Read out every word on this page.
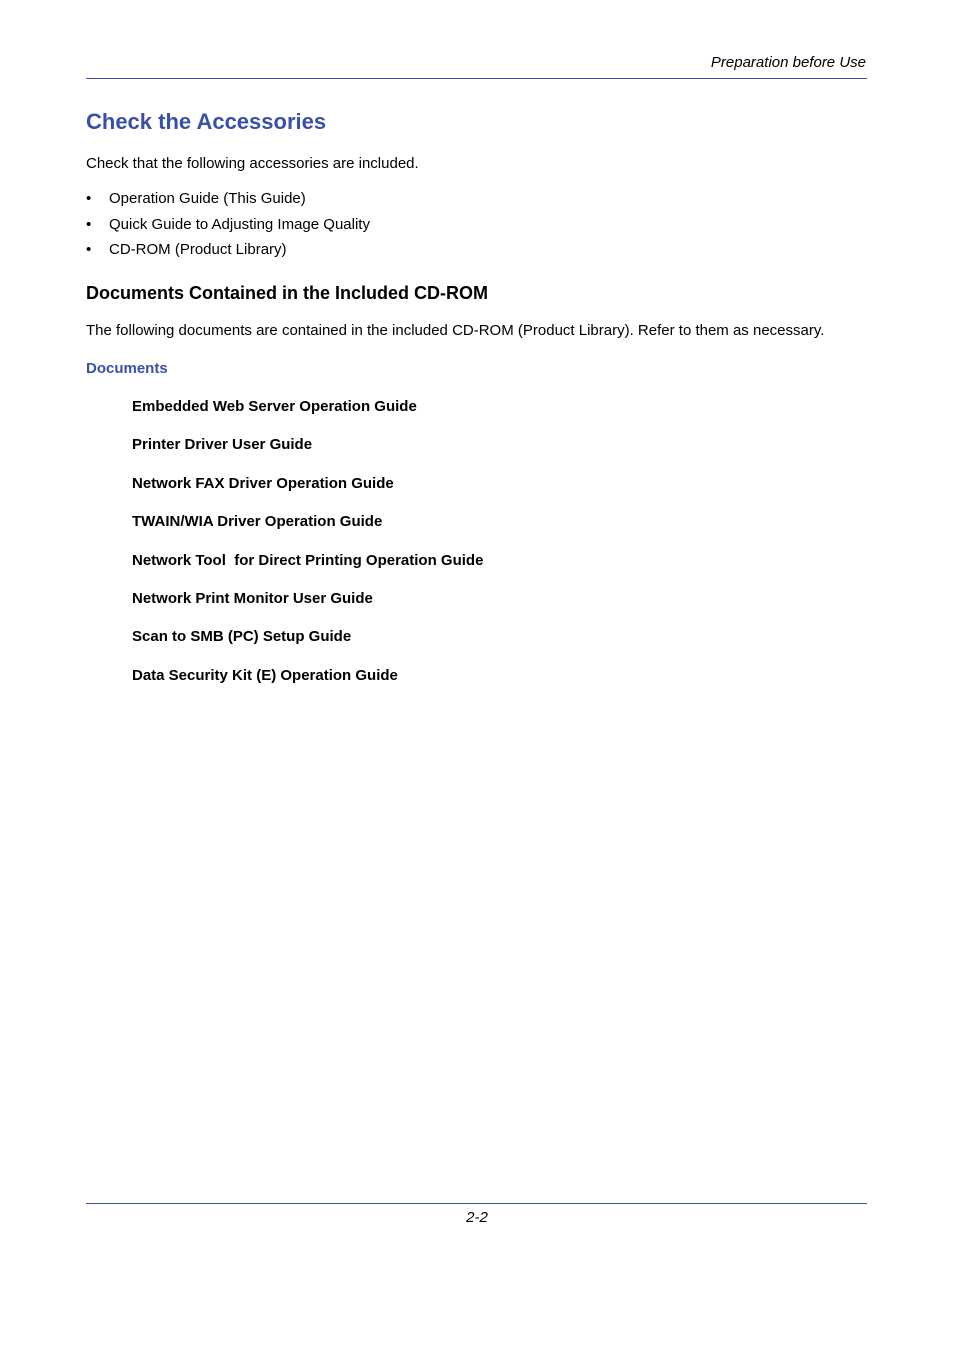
Preparation before Use
Check the Accessories

Check that the following accessories are included.

•	Operation Guide (This Guide)
•	Quick Guide to Adjusting Image Quality
•	CD-ROM (Product Library)
Documents Contained in the Included CD-ROM

The following documents are contained in the included CD-ROM (Product Library). Refer to them as necessary.

Documents
Embedded Web Server Operation Guide
Printer Driver User Guide
Network FAX Driver Operation Guide
TWAIN/WIA Driver Operation Guide
Network Tool  for Direct Printing Operation Guide
Network Print Monitor User Guide
Scan to SMB (PC) Setup Guide
Data Security Kit (E) Operation Guide
2-2
